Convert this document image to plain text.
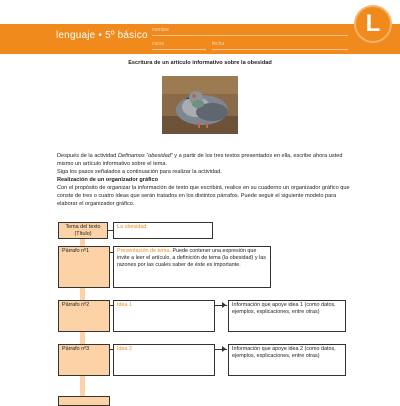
lenguaje • 5º básico nombre
curso	fecha
L
Escritura de un artículo informativo sobre la obesidad
Después de la actividad Definamos “obesidad” y a partir de los tres textos presentados en ella, escribe ahora usted mismo un artículo informativo sobre el tema.
Siga los pasos señalados a continuación para realizar la actividad.
Realización de un organizador gráfico
Con el propósito de organizar la información de texto que escribirá, realice en su cuaderno un organizador gráfico que conste de tres o cuatro ideas que serán tratados en los distintos párrafos. Puede seguir el siguiente modelo para elaborar el organizador gráfico.
Tema del texto (Título)
La obesidad
Párrafo nº1	Presentación de tema. Puede contener una expresión que invite a leer el artículo, a definición de tema (la obesidad) y las razones por las cuales saber de éste es importante.
Párrafo nº2	Idea 1	Información que apoye idea 1 (como datos, ejemplos, explicaciones, entre otras)
Párrafo nº3	Idea 2	Información que apoye idea 2 (como datos, ejemplos, explicaciones, entre otras)
